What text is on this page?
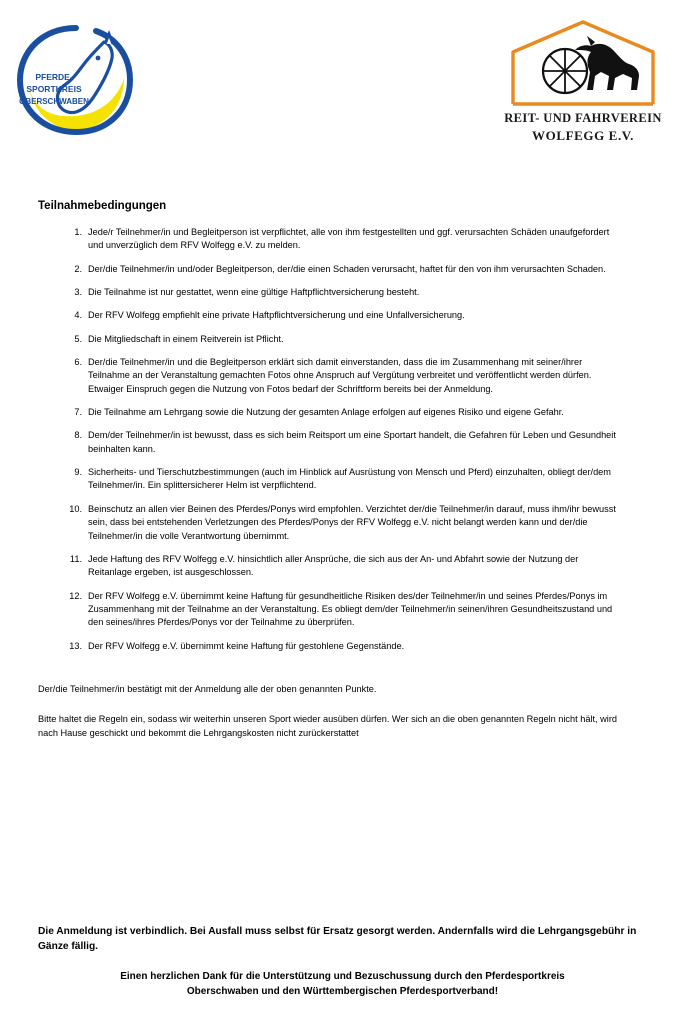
PFERDE-
SPORTKREIS
OBERSCHWABEN
REIT- UND FAHRVEREIN
WOLFEGG E.V.
Teilnahmebedingungen
Jede/r Teilnehmer/in und Begleitperson ist verpflichtet, alle von ihm festgestellten und ggf. verursachten Schäden unaufgefordert und unverzüglich dem RFV Wolfegg e.V. zu melden.
Der/die Teilnehmer/in und/oder Begleitperson, der/die einen Schaden verursacht, haftet für den von ihm verursachten Schaden.
Die Teilnahme ist nur gestattet, wenn eine gültige Haftpflichtversicherung besteht.
Der RFV Wolfegg empfiehlt eine private Haftpflichtversicherung und eine Unfallversicherung.
Die Mitgliedschaft in einem Reitverein ist Pflicht.
Der/die Teilnehmer/in und die Begleitperson erklärt sich damit einverstanden, dass die im Zusammenhang mit seiner/ihrer Teilnahme an der Veranstaltung gemachten Fotos ohne Anspruch auf Vergütung verbreitet und veröffentlicht werden dürfen. Etwaiger Einspruch gegen die Nutzung von Fotos bedarf der Schriftform bereits bei der Anmeldung.
Die Teilnahme am Lehrgang sowie die Nutzung der gesamten Anlage erfolgen auf eigenes Risiko und eigene Gefahr.
Dem/der Teilnehmer/in ist bewusst, dass es sich beim Reitsport um eine Sportart handelt, die Gefahren für Leben und Gesundheit beinhalten kann.
Sicherheits- und Tierschutzbestimmungen (auch im Hinblick auf Ausrüstung von Mensch und Pferd) einzuhalten, obliegt der/dem Teilnehmer/in. Ein splittersicherer Helm ist verpflichtend.
Beinschutz an allen vier Beinen des Pferdes/Ponys wird empfohlen. Verzichtet der/die Teilnehmer/in darauf, muss ihm/ihr bewusst sein, dass bei entstehenden Verletzungen des Pferdes/Ponys der RFV Wolfegg e.V. nicht belangt werden kann und der/die Teilnehmer/in die volle Verantwortung übernimmt.
Jede Haftung des RFV Wolfegg e.V. hinsichtlich aller Ansprüche, die sich aus der An- und Abfahrt sowie der Nutzung der Reitanlage ergeben, ist ausgeschlossen.
Der RFV Wolfegg e.V. übernimmt keine Haftung für gesundheitliche Risiken des/der Teilnehmer/in und seines Pferdes/Ponys im Zusammenhang mit der Teilnahme an der Veranstaltung. Es obliegt dem/der Teilnehmer/in seinen/ihren Gesundheitszustand und den seines/ihres Pferdes/Ponys vor der Teilnahme zu überprüfen.
Der RFV Wolfegg e.V. übernimmt keine Haftung für gestohlene Gegenstände.
Der/die Teilnehmer/in bestätigt mit der Anmeldung alle der oben genannten Punkte.
Bitte haltet die Regeln ein, sodass wir weiterhin unseren Sport wieder ausüben dürfen. Wer sich an die oben genannten Regeln nicht hält, wird nach Hause geschickt und bekommt die Lehrgangskosten nicht zurückerstattet
Die Anmeldung ist verbindlich. Bei Ausfall muss selbst für Ersatz gesorgt werden. Andernfalls wird die Lehrgangsgebühr in Gänze fällig.
Einen herzlichen Dank für die Unterstützung und Bezuschussung durch den Pferdesportkreis
Oberschwaben und den Württembergischen Pferdesportverband!
